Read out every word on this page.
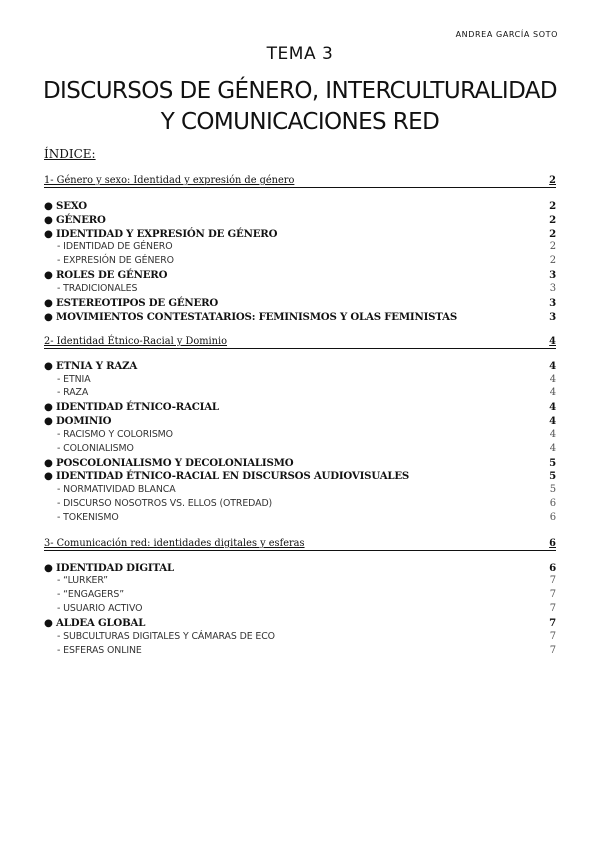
ANDREA GARCÍA SOTO
TEMA 3
DISCURSOS DE GÉNERO, INTERCULTURALIDAD
Y COMUNICACIONES RED
ÍNDICE:
1- Género y sexo: Identidad y expresión de género	2
● SEXO	2
● GÉNERO	2
● IDENTIDAD Y EXPRESIÓN DE GÉNERO	2
- IDENTIDAD DE GÉNERO	2
- EXPRESIÓN DE GÉNERO	2
● ROLES DE GÉNERO	3
- TRADICIONALES	3
● ESTEREOTIPOS DE GÉNERO	3
● MOVIMIENTOS CONTESTATARIOS: FEMINISMOS Y OLAS FEMINISTAS	3
2- Identidad Étnico-Racial y Dominio	4
● ETNIA Y RAZA	4
- ETNIA	4
- RAZA	4
● IDENTIDAD ÉTNICO-RACIAL	4
● DOMINIO	4
- RACISMO Y COLORISMO	4
- COLONIALISMO	4
● POSCOLONIALISMO Y DECOLONIALISMO	5
● IDENTIDAD ÉTNICO-RACIAL EN DISCURSOS AUDIOVISUALES	5
- NORMATIVIDAD BLANCA	5
- DISCURSO NOSOTROS VS. ELLOS (OTREDAD)	6
- TOKENISMO	6
3- Comunicación red: identidades digitales y esferas	6
● IDENTIDAD DIGITAL	6
- “LURKER”	7
- “ENGAGERS”	7
- USUARIO ACTIVO	7
● ALDEA GLOBAL	7
- SUBCULTURAS DIGITALES Y CÁMARAS DE ECO	7
- ESFERAS ONLINE	7
